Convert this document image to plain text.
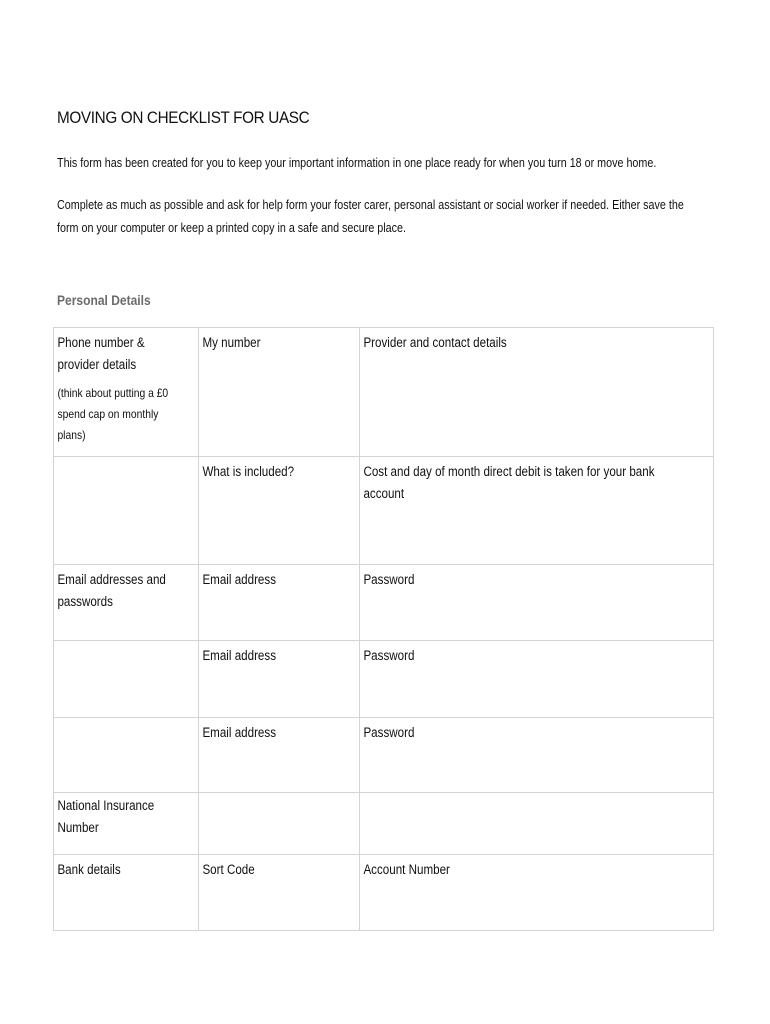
MOVING ON CHECKLIST FOR UASC
This form has been created for you to keep your important information in one place ready for when you turn 18 or move home.
Complete as much as possible and ask for help form your foster carer, personal assistant or social worker if needed. Either save the form on your computer or keep a printed copy in a safe and secure place.
Personal Details
Phone number & provider details
(think about putting a £0 spend cap on monthly plans)	My number	Provider and contact details

	What is included?	Cost and day of month direct debit is taken for your bank account

Email addresses and passwords	Email address	Password

	Email address	Password

	Email address	Password

National Insurance Number		

Bank details	Sort Code	Account Number
